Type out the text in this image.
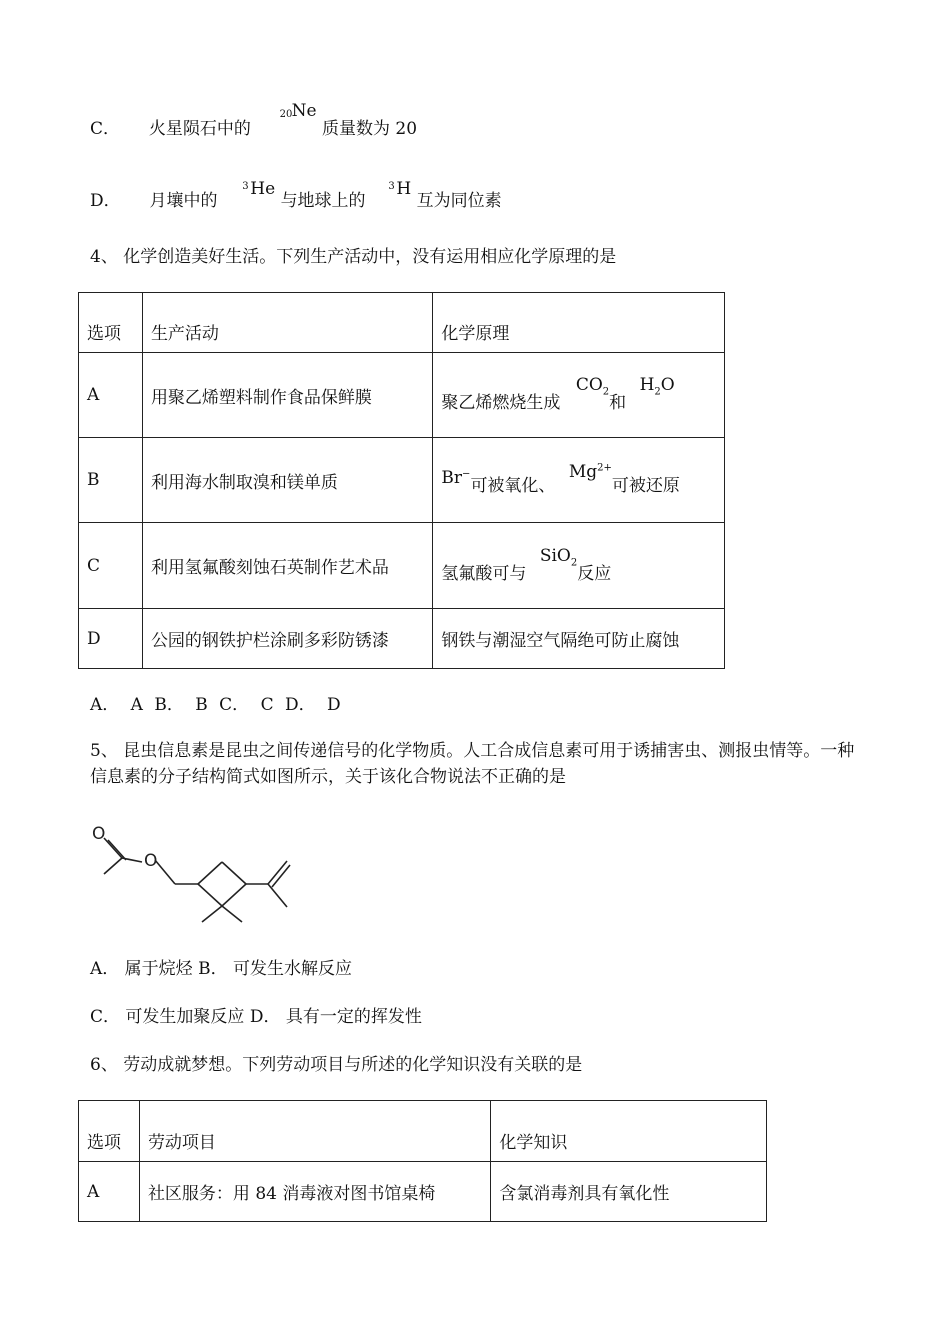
C． 火星陨石中的
20 Ne 质量数为 20
D． 月壤中的
3 He 与地球上的
3 H 互为同位素
4、 化学创造美好生活。下列生产活动中，没有运用相应化学原理的是
选项	生产活动	化学原理
A	用聚乙烯塑料制作食品保鲜膜	聚乙烯燃烧生成 $CO_2$和 $H_2O$
B	利用海水制取溴和镁单质	Br−可被氧化、 $Mg^{2+}$可被还原
C	利用氢氟酸刻蚀石英制作艺术品	氢氟酸可与 SiO$_2$反应
D	公园的钢铁护栏涂刷多彩防锈漆	钢铁与潮湿空气隔绝可防止腐蚀
A． A B． B C． C D． D
5、 昆虫信息素是昆虫之间传递信号的化学物质。人工合成信息素可用于诱捕害虫、测报虫情等。一种信息素的分子结构简式如图所示，关于该化合物说法不正确的是
O
O
A． 属于烷烃 B． 可发生水解反应
C． 可发生加聚反应 D． 具有一定的挥发性
6、 劳动成就梦想。下列劳动项目与所述的化学知识没有关联的是
选项	劳动项目	化学知识
A	社区服务：用 84 消毒液对图书馆桌椅	含氯消毒剂具有氧化性
